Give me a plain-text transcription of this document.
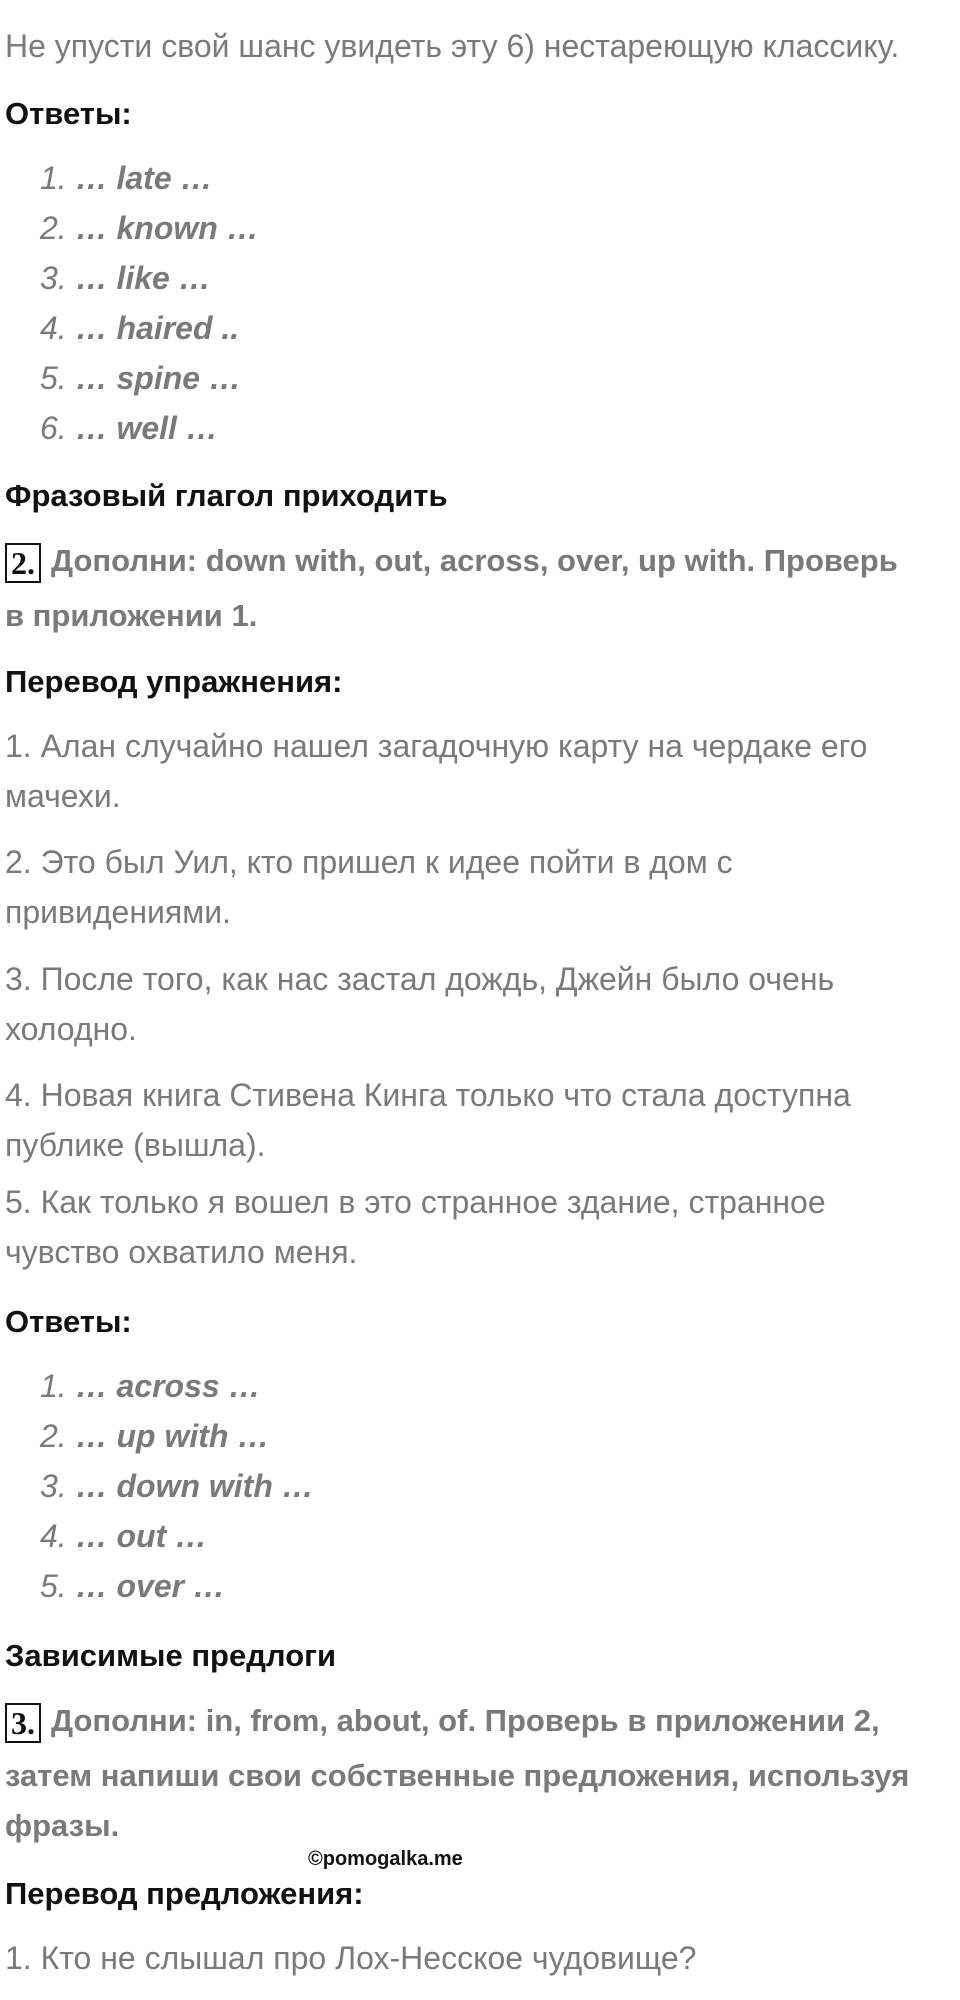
Не упусти свой шанс увидеть эту 6) нестареющую классику.
Ответы:
1. … late …
2. … known …
3. … like …
4. … haired ..
5. … spine …
6. … well …
Фразовый глагол приходить
2. Дополни: down with, out, across, over, up with. Проверь
в приложении 1.
Перевод упражнения:
1. Алан случайно нашел загадочную карту на чердаке его
мачехи.
2. Это был Уил, кто пришел к идее пойти в дом с
привидениями.
3. После того, как нас застал дождь, Джейн было очень
холодно.
4. Новая книга Стивена Кинга только что стала доступна
публике (вышла).
5. Как только я вошел в это странное здание, странное
чувство охватило меня.
Ответы:
1. … across …
2. … up with …
3. … down with …
4. … out …
5. … over …
Зависимые предлоги
3. Дополни: in, from, about, of. Проверь в приложении 2,
затем напиши свои собственные предложения, используя
фразы.
©pomogalka.me
Перевод предложения:
1. Кто не слышал про Лох-Несское чудовище?
